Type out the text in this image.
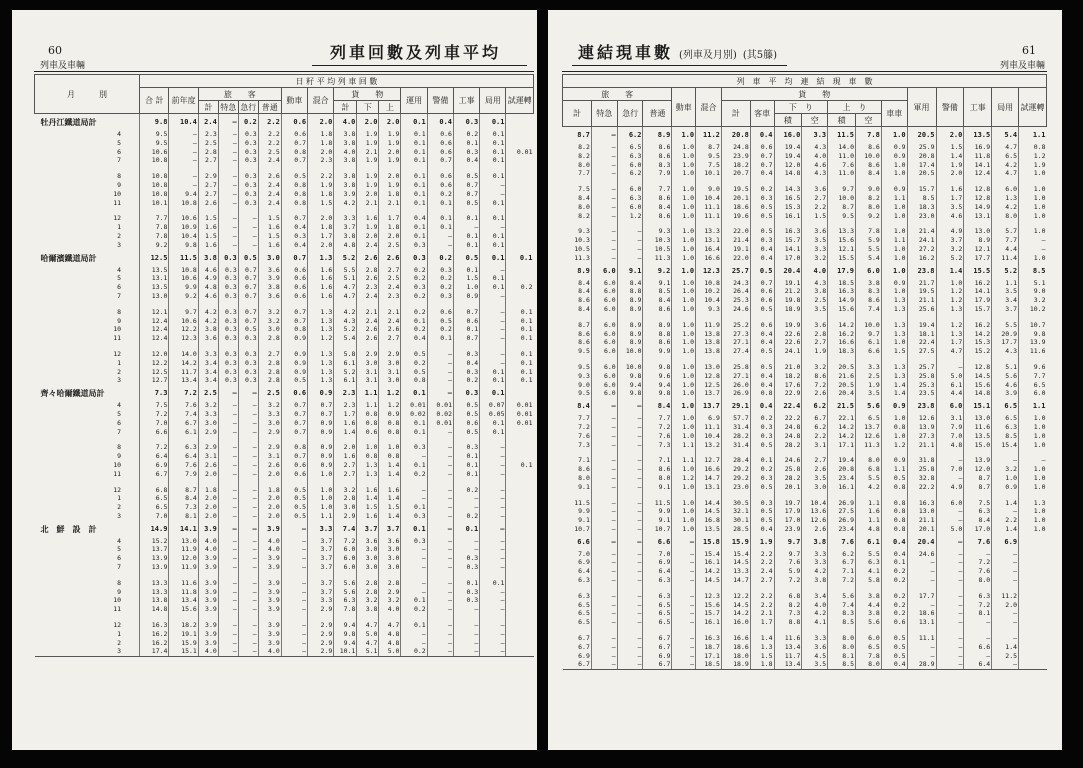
60
列車及車輛
列車回數及列車平均
月　　　別	日 籽 平 均 列 車 回 數															
	合 計	前年度	旅　　客				動車	混合	貨　　物			運用	警備	工事	局用	試運轉
			計	特急	急行	普通			計	下	上					
牡丹江鐵道局計	9.8	10.4	2.4	—	0.2	2.2	0.6	2.0	4.0	2.0	2.0	0.1	0.4	0.3	0.1	
4	9.5	—	2.3	—	0.3	2.2	0.6	1.8	3.8	1.9	1.9	0.1	0.6	0.2	0.1	
5	9.5	—	2.5	—	0.3	2.2	0.7	1.8	3.8	1.9	1.9	0.1	0.6	0.1	0.1	
6	10.6	—	2.8	—	0.3	2.5	0.8	2.0	4.0	2.1	2.0	0.1	0.6	0.3	0.1	0.01
7	10.8	—	2.7	—	0.3	2.4	0.7	2.3	3.8	1.9	1.9	0.1	0.7	0.4	0.1	

8	10.8	—	2.9	—	0.3	2.6	0.5	2.2	3.8	1.9	2.0	0.1	0.6	0.5	0.1	
9	10.8	—	2.7	—	0.3	2.4	0.8	1.9	3.8	1.9	1.9	0.1	0.6	0.7	—	
10	10.8	9.4	2.7	—	0.3	2.4	0.8	1.8	3.9	2.0	1.8	0.1	0.2	0.7	—	
11	10.1	10.8	2.6	—	0.3	2.4	0.8	1.5	4.2	2.1	2.1	0.1	0.1	0.5	0.1	

12	7.7	10.6	1.5	—	—	1.5	0.7	2.0	3.3	1.6	1.7	0.4	0.1	0.1	0.1	
1	7.8	10.9	1.6	—	—	1.6	0.4	1.8	3.7	1.9	1.8	0.1	0.1	—	—	
2	7.8	10.4	1.5	—	—	1.5	0.3	1.7	3.8	2.0	2.0	0.1	—	0.1	0.1	
3	9.2	9.8	1.6	—	—	1.6	0.4	2.0	4.8	2.4	2.5	0.3	—	0.1	0.1	
哈爾濱鐵道局計	12.5	11.5	3.8	0.3	0.5	3.0	0.7	1.3	5.2	2.6	2.6	0.3	0.2	0.5	0.1	0.1
4	13.5	10.8	4.6	0.3	0.7	3.6	0.6	1.6	5.5	2.8	2.7	0.2	0.3	0.1	—	
5	13.1	10.6	4.9	0.3	0.7	3.9	0.6	1.6	5.1	2.6	2.5	0.2	0.2	1.5	0.1	
6	13.5	9.9	4.8	0.3	0.7	3.8	0.6	1.6	4.7	2.3	2.4	0.3	0.2	1.0	0.1	0.2
7	13.0	9.2	4.6	0.3	0.7	3.6	0.6	1.6	4.7	2.4	2.3	0.2	0.3	0.9	—	

8	12.1	9.7	4.2	0.3	0.7	3.2	0.7	1.3	4.2	2.1	2.1	0.2	0.6	0.7	—	0.1
9	12.4	10.6	4.2	0.3	0.7	3.2	0.7	1.3	4.3	2.4	2.4	0.1	0.5	0.6	—	0.1
10	12.4	12.2	3.8	0.3	0.5	3.0	0.8	1.3	5.2	2.6	2.6	0.2	0.2	0.1	—	0.1
11	12.4	12.3	3.6	0.3	0.3	2.8	0.9	1.2	5.4	2.6	2.7	0.4	0.1	0.7	—	0.1

12	12.0	14.0	3.3	0.3	0.3	2.7	0.9	1.3	5.8	2.9	2.9	0.5	—	0.3	—	0.1
1	12.2	14.2	3.4	0.3	0.3	2.8	0.9	1.3	6.1	3.0	3.0	0.2	—	0.4	—	0.1
2	12.5	11.7	3.4	0.3	0.3	2.8	0.9	1.3	5.2	3.1	3.1	0.5	—	0.3	0.1	0.1
3	12.7	13.4	3.4	0.3	0.3	2.8	0.5	1.3	6.1	3.1	3.0	0.8	—	0.2	0.1	0.1
齊々哈爾鐵道局計	7.3	7.2	2.5	—	—	2.5	0.6	0.9	2.3	1.1	1.2	0.1	—	0.3	0.1	
4	7.5	7.6	3.2	—	—	3.2	0.7	0.7	2.3	1.1	1.2	0.01	0.01	0.5	0.07	0.01
5	7.2	7.4	3.3	—	—	3.3	0.7	0.7	1.7	0.8	0.9	0.02	0.02	0.5	0.05	0.01
6	7.0	6.7	3.0	—	—	3.0	0.7	0.9	1.6	0.8	0.8	0.1	0.01	0.6	0.1	0.01
7	6.6	6.1	2.9	—	—	2.9	0.7	0.9	1.4	0.6	0.8	0.1	—	0.5	0.1	

8	7.2	6.3	2.9	—	—	2.9	0.8	0.9	2.0	1.0	1.0	0.3	—	0.3	—	
9	6.4	6.4	3.1	—	—	3.1	0.7	0.9	1.6	0.8	0.8	—	—	0.1	—	
10	6.9	7.6	2.6	—	—	2.6	0.6	0.9	2.7	1.3	1.4	0.1	—	0.1	—	0.1
11	6.7	7.9	2.0	—	—	2.0	0.6	1.0	2.7	1.3	1.4	0.2	—	0.1	—	

12	6.8	8.7	1.8	—	—	1.8	0.5	1.0	3.2	1.6	1.6	—	—	0.2	—	
1	6.5	8.4	2.0	—	—	2.0	0.5	1.0	2.8	1.4	1.4	—	—	—	—	
2	6.5	7.3	2.0	—	—	2.0	0.5	1.0	3.0	1.5	1.5	0.1	—	—	—	
3	7.0	8.1	2.0	—	—	2.0	0.5	1.1	2.9	1.6	1.4	0.3	—	0.2	—	
北　鮮　設　計	14.9	14.1	3.9	—	—	3.9	—	3.3	7.4	3.7	3.7	0.1	—	0.1	—	
4	15.2	13.0	4.0	—	—	4.0	—	3.7	7.2	3.6	3.6	0.3	—	—	—	
5	13.7	11.9	4.0	—	—	4.0	—	3.7	6.0	3.0	3.0	—	—	—	—	
6	13.9	12.0	3.9	—	—	3.9	—	3.7	6.0	3.0	3.0	—	—	0.3	—	
7	13.9	11.9	3.9	—	—	3.9	—	3.7	6.0	3.0	3.0	—	—	0.3	—	

8	13.3	11.6	3.9	—	—	3.9	—	3.7	5.6	2.8	2.8	—	—	0.1	0.1	
9	13.3	11.8	3.9	—	—	3.9	—	3.7	5.6	2.8	2.9	—	—	0.3	—	
10	13.8	13.4	3.9	—	—	3.9	—	3.3	6.3	3.2	3.2	0.1	—	0.3	—	
11	14.8	15.6	3.9	—	—	3.9	—	2.9	7.8	3.8	4.0	0.2	—	—	—	

12	16.3	18.2	3.9	—	—	3.9	—	2.9	9.4	4.7	4.7	0.1	—	—	—	
1	16.2	19.1	3.9	—	—	3.9	—	2.9	9.8	5.0	4.8	—	—	—	—	
2	16.2	15.9	3.9	—	—	3.9	—	2.9	9.4	4.7	4.8	—	—	—	—	
3	17.4	15.1	4.0	—	—	4.0	—	2.9	10.1	5.1	5.0	0.2	—	—	—	
連結現車數 (列車及月別) (其5籐)	61
列車及車輛
列　車　平　均　連　結　現　車　數																	
旅　　客				動車	混合	貨　　物							軍用	警備	工事	局用	試運轉
計	特急	急行	普通			計	客車	下　り		上　り		車車					
								積	空	積	空						
8.7	—	6.2	8.9	1.0	11.2	20.8	0.4	16.0	3.3	11.5	7.8	1.0	20.5	2.0	13.5	5.4	1.1
8.2	—	6.5	8.6	1.0	8.7	24.8	0.6	19.4	4.3	14.0	8.6	0.9	25.9	1.5	16.9	4.7	0.8
8.2	—	6.3	8.6	1.0	9.5	23.9	0.7	19.4	4.0	11.0	10.0	0.9	20.8	1.4	11.8	6.5	1.2
8.0	—	6.0	8.3	1.0	7.5	18.2	0.7	12.0	4.6	7.6	8.6	1.0	17.4	1.9	14.1	4.2	1.9
7.7	—	6.2	7.9	1.0	10.1	20.7	0.4	14.8	4.3	11.0	8.4	1.0	20.5	2.0	12.4	4.7	1.0

7.5	—	6.0	7.7	1.0	9.0	19.5	0.2	14.3	3.6	9.7	9.0	0.9	15.7	1.6	12.8	6.0	1.0
8.4	—	6.3	8.6	1.0	10.4	20.1	0.3	16.5	2.7	10.0	8.2	1.1	8.5	1.7	12.8	1.3	1.0
8.0	—	6.0	8.4	1.0	11.1	18.6	0.5	15.3	2.2	8.7	8.0	1.0	18.3	3.5	14.9	4.2	1.0
8.2	—	1.2	8.6	1.0	11.1	19.6	0.5	16.1	1.5	9.5	9.2	1.0	23.0	4.6	13.1	8.0	1.0

9.3	—	—	9.3	1.0	13.3	22.0	0.5	16.3	3.6	13.3	7.8	1.0	21.4	4.9	13.0	5.7	1.0
10.3	—	—	10.3	1.0	13.1	21.4	0.3	15.7	3.5	15.6	5.9	1.1	24.1	3.7	8.9	7.7	—
10.5	—	—	10.5	1.0	16.4	19.1	0.4	14.1	3.3	12.1	5.5	1.0	27.2	3.2	12.1	4.4	—
11.3	—	—	11.3	1.0	16.6	22.0	0.4	17.0	3.2	15.5	5.4	1.0	16.2	5.2	17.7	11.4	1.0
8.9	6.0	9.1	9.2	1.0	12.3	25.7	0.5	20.4	4.0	17.9	6.0	1.0	23.8	1.4	15.5	5.2	8.5
8.4	6.0	8.4	9.1	1.0	10.8	24.3	0.7	19.1	4.3	18.5	3.8	0.9	21.7	1.0	16.2	1.1	5.1
8.4	6.0	8.8	8.5	1.0	10.2	26.4	0.6	21.2	3.8	16.3	8.3	1.0	19.5	1.2	14.1	3.5	9.0
8.6	6.0	8.9	8.4	1.0	10.4	25.3	0.6	19.8	2.5	14.9	8.6	1.3	21.1	1.2	17.9	3.4	3.2
8.4	6.0	8.9	8.6	1.0	9.3	24.6	0.5	18.9	3.5	15.6	7.4	1.3	25.6	1.3	15.7	3.7	10.2

8.7	6.0	8.9	8.9	1.0	11.9	25.2	0.6	19.9	3.6	14.2	10.0	1.3	19.4	1.2	16.2	5.5	10.7
8.6	6.0	8.9	8.8	1.0	13.8	27.3	0.4	22.6	2.8	16.2	9.7	1.3	18.1	1.3	14.2	20.9	9.8
8.6	6.0	8.9	8.6	1.0	13.8	27.1	0.4	22.6	2.7	16.6	6.1	1.0	22.4	1.7	15.3	17.7	13.9
9.5	6.0	10.0	9.9	1.0	13.8	27.4	0.5	24.1	1.9	18.3	6.6	1.5	27.5	4.7	15.2	4.3	11.6

9.5	6.0	10.0	9.8	1.0	13.0	25.8	0.5	21.0	3.2	20.5	3.3	1.3	25.7	—	12.8	5.1	9.6
9.3	6.0	9.8	9.6	1.0	12.8	27.1	0.4	18.2	8.6	21.6	2.5	1.3	25.8	5.0	14.5	5.6	7.7
9.0	6.0	9.4	9.4	1.0	12.5	26.0	0.4	17.6	7.2	20.5	1.9	1.4	25.3	6.1	15.6	4.6	6.5
9.5	6.0	9.8	9.8	1.0	13.7	26.9	0.8	22.9	2.6	20.4	3.5	1.4	23.5	4.4	14.8	3.9	6.0
8.4	—	—	8.4	1.0	13.7	29.1	0.4	22.4	6.2	21.5	5.6	0.9	23.8	6.0	15.1	6.5	1.1
7.7	—	—	7.7	1.0	6.9	57.7	0.2	22.2	6.7	22.1	6.5	1.0	12.6	3.1	13.0	6.5	1.0
7.2	—	—	7.2	1.0	11.1	31.4	0.3	24.8	6.2	14.2	13.7	0.8	13.9	7.9	11.6	6.3	1.0
7.6	—	—	7.6	1.0	10.4	28.2	0.3	24.8	2.2	14.2	12.6	1.0	27.3	7.0	13.5	8.5	1.0
7.3	—	—	7.3	1.1	13.2	31.4	0.5	28.2	3.1	17.1	11.3	1.2	21.1	4.8	15.0	15.4	1.0

7.1	—	—	7.1	1.1	12.7	28.4	0.1	24.6	2.7	19.4	8.0	0.9	31.8	—	13.9	—	—
8.6	—	—	8.6	1.0	16.6	29.2	0.2	25.8	2.6	20.8	6.8	1.1	25.8	7.0	12.0	3.2	1.0
8.0	—	—	8.0	1.2	14.7	29.2	0.3	28.2	3.5	23.4	5.5	0.5	32.8	—	8.7	1.0	1.0
9.1	—	—	9.1	1.0	13.1	23.0	0.5	20.1	3.0	16.1	4.2	0.8	22.2	4.9	8.7	0.9	1.0

11.5	—	—	11.5	1.0	14.4	30.5	0.3	19.7	10.4	26.9	1.1	0.8	16.3	6.0	7.5	1.4	1.3
9.9	—	—	9.9	1.0	14.5	32.1	0.5	17.9	13.6	27.5	1.6	0.8	13.0	—	6.3	—	1.0
9.1	—	—	9.1	1.0	16.8	30.1	0.5	17.0	12.6	26.9	1.1	0.8	21.1	—	8.4	2.2	1.0
10.7	—	—	10.7	1.0	13.5	28.5	0.4	23.9	2.6	23.4	4.8	0.8	20.1	5.0	17.0	1.4	1.0
6.6	—	—	6.6	—	15.8	15.9	1.9	9.7	3.8	7.6	6.1	0.4	20.4	—	7.6	6.9	
7.0	—	—	7.0	—	15.4	15.4	2.2	9.7	3.3	6.2	5.5	0.4	24.6	—	—	—	
6.9	—	—	6.9	—	16.1	14.5	2.2	7.6	3.3	6.7	6.3	0.1	—	—	7.2	—	
6.4	—	—	6.4	—	14.2	13.3	2.4	5.9	4.2	7.1	4.1	0.2	—	—	7.6	—	
6.3	—	—	6.3	—	14.5	14.7	2.7	7.2	3.8	7.2	5.8	0.2	—	—	8.0	—	

6.3	—	—	6.3	—	12.3	12.2	2.2	6.8	3.4	5.6	3.8	0.2	17.7	—	6.3	11.2	
6.5	—	—	6.5	—	15.6	14.5	2.2	8.2	4.0	7.4	4.4	0.2	—	—	7.2	2.0	
6.5	—	—	6.5	—	15.7	14.2	2.1	7.3	4.2	8.3	3.8	0.2	18.6	—	8.1	—	
6.5	—	—	6.5	—	16.1	16.0	1.7	8.8	4.1	8.5	5.6	0.6	13.1	—	—	—	

6.7	—	—	6.7	—	16.3	16.6	1.4	11.6	3.3	8.0	6.0	0.5	11.1	—	—	—	
6.7	—	—	6.7	—	18.7	18.6	1.3	13.4	3.6	8.0	6.5	0.5	—	—	6.6	1.4	
6.9	—	—	6.9	—	17.1	18.0	1.5	11.7	4.5	8.1	7.8	0.5	—	—	—	2.5	
6.7	—	—	6.7	—	18.5	18.9	1.8	13.4	3.5	8.5	8.0	0.4	28.9	—	6.4	—	
